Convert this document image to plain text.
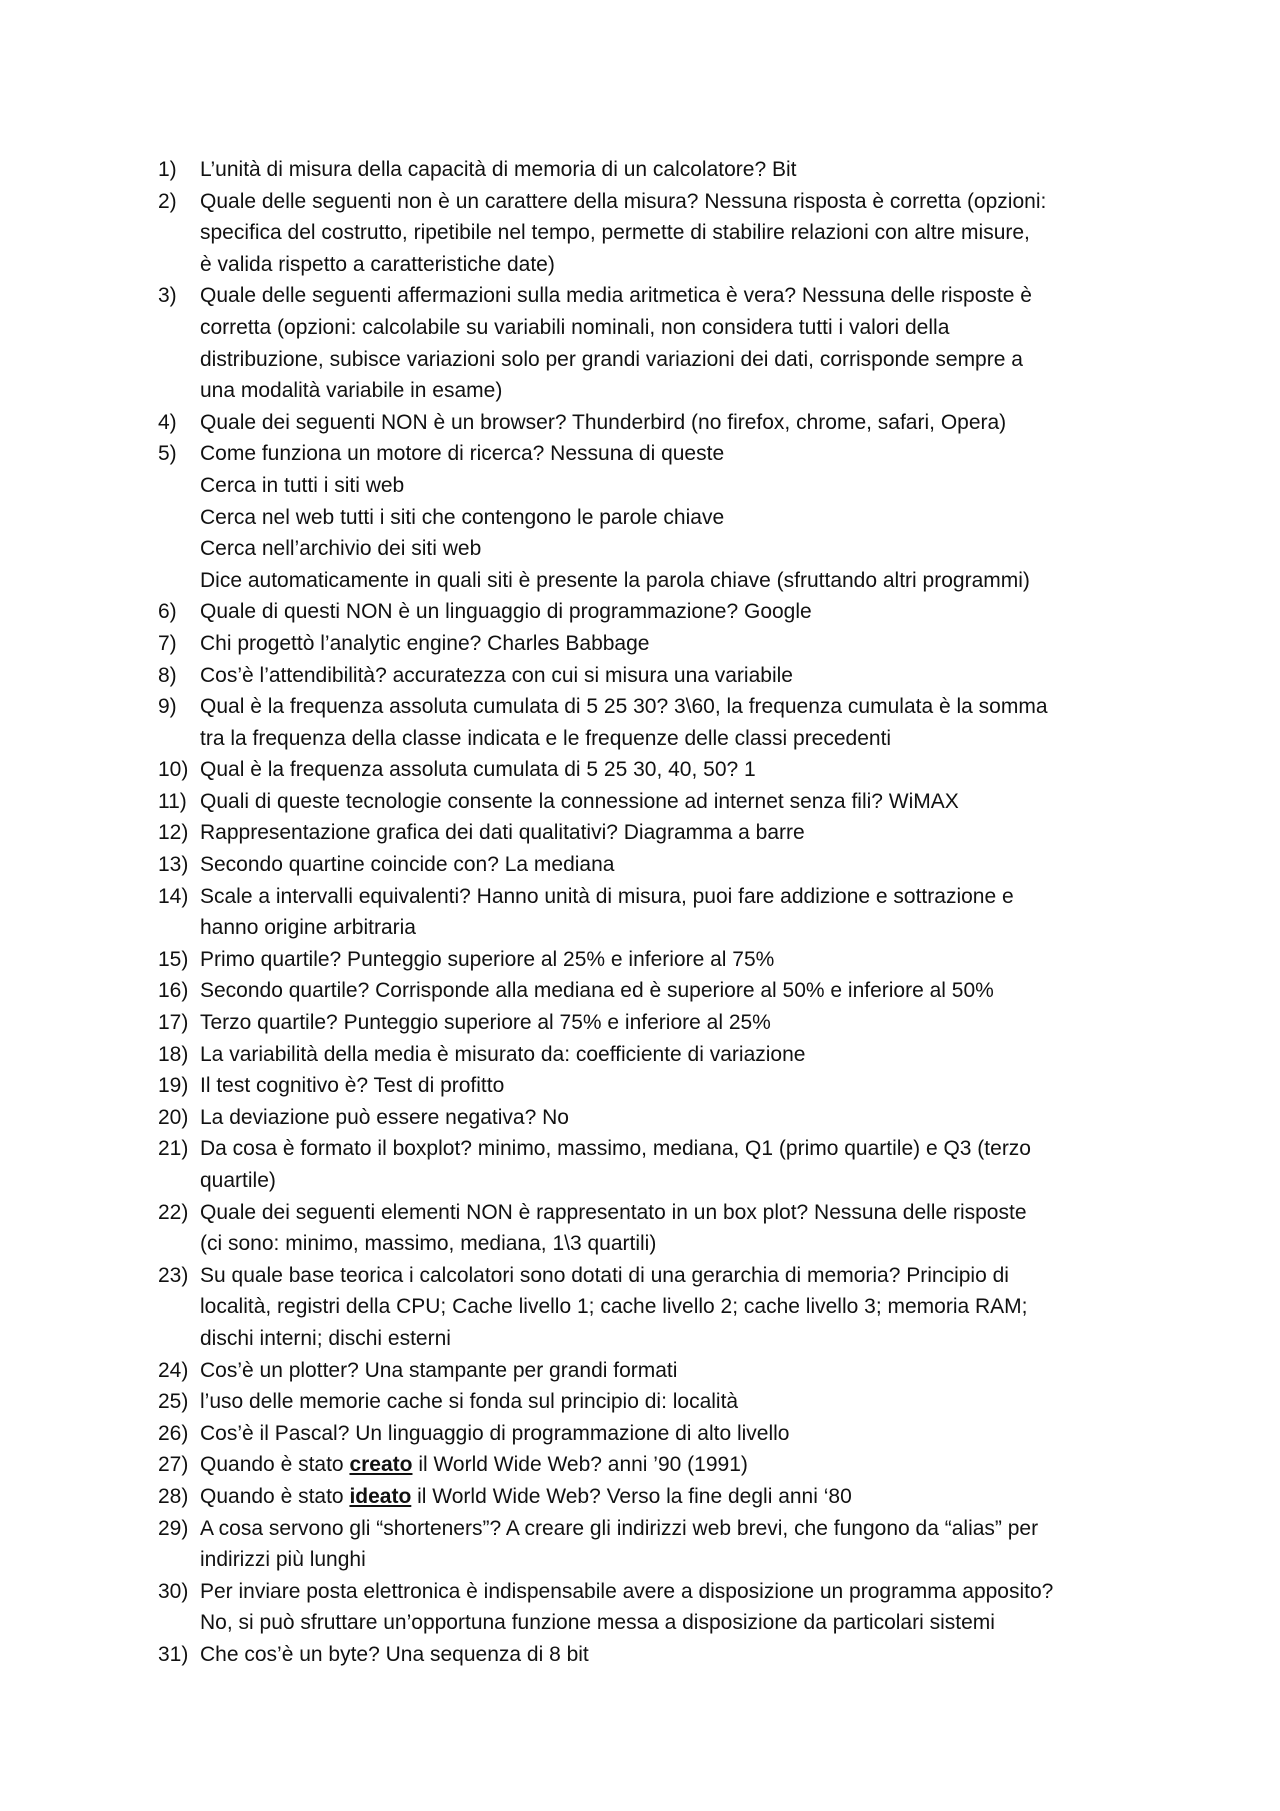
1)	L’unità di misura della capacità di memoria di un calcolatore? Bit
2)	Quale delle seguenti non è un carattere della misura? Nessuna risposta è corretta (opzioni:
specifica del costrutto, ripetibile nel tempo, permette di stabilire relazioni con altre misure,
è valida rispetto a caratteristiche date)
3)	Quale delle seguenti affermazioni sulla media aritmetica è vera? Nessuna delle risposte è
corretta (opzioni: calcolabile su variabili nominali, non considera tutti i valori della
distribuzione, subisce variazioni solo per grandi variazioni dei dati, corrisponde sempre a
una modalità variabile in esame)
4)	Quale dei seguenti NON è un browser? Thunderbird (no firefox, chrome, safari, Opera)
5)	Come funziona un motore di ricerca? Nessuna di queste
Cerca in tutti i siti web
Cerca nel web tutti i siti che contengono le parole chiave
Cerca nell’archivio dei siti web
Dice automaticamente in quali siti è presente la parola chiave (sfruttando altri programmi)
6)	Quale di questi NON è un linguaggio di programmazione? Google
7)	Chi progettò l’analytic engine? Charles Babbage
8)	Cos’è l’attendibilità? accuratezza con cui si misura una variabile
9)	Qual è la frequenza assoluta cumulata di 5 25 30? 3\60, la frequenza cumulata è la somma
tra la frequenza della classe indicata e le frequenze delle classi precedenti
10) Qual è la frequenza assoluta cumulata di 5 25 30, 40, 50? 1
11) Quali di queste tecnologie consente la connessione ad internet senza fili? WiMAX
12) Rappresentazione grafica dei dati qualitativi? Diagramma a barre
13) Secondo quartine coincide con? La mediana
14) Scale a intervalli equivalenti? Hanno unità di misura, puoi fare addizione e sottrazione e
hanno origine arbitraria
15) Primo quartile? Punteggio superiore al 25% e inferiore al 75%
16) Secondo quartile? Corrisponde alla mediana ed è superiore al 50% e inferiore al 50%
17) Terzo quartile? Punteggio superiore al 75% e inferiore al 25%
18) La variabilità della media è misurato da: coefficiente di variazione
19) Il test cognitivo è? Test di profitto
20) La deviazione può essere negativa? No
21) Da cosa è formato il boxplot? minimo, massimo, mediana, Q1 (primo quartile) e Q3 (terzo
quartile)
22) Quale dei seguenti elementi NON è rappresentato in un box plot? Nessuna delle risposte
(ci sono: minimo, massimo, mediana, 1\3 quartili)
23) Su quale base teorica i calcolatori sono dotati di una gerarchia di memoria? Principio di
località, registri della CPU; Cache livello 1; cache livello 2; cache livello 3; memoria RAM;
dischi interni; dischi esterni
24) Cos’è un plotter? Una stampante per grandi formati
25) l’uso delle memorie cache si fonda sul principio di: località
26) Cos’è il Pascal? Un linguaggio di programmazione di alto livello
27) Quando è stato creato il World Wide Web? anni ’90 (1991)
28) Quando è stato ideato il World Wide Web? Verso la fine degli anni ‘80
29) A cosa servono gli “shorteners”? A creare gli indirizzi web brevi, che fungono da “alias” per
indirizzi più lunghi
30) Per inviare posta elettronica è indispensabile avere a disposizione un programma apposito?
No, si può sfruttare un’opportuna funzione messa a disposizione da particolari sistemi
31) Che cos’è un byte? Una sequenza di 8 bit
